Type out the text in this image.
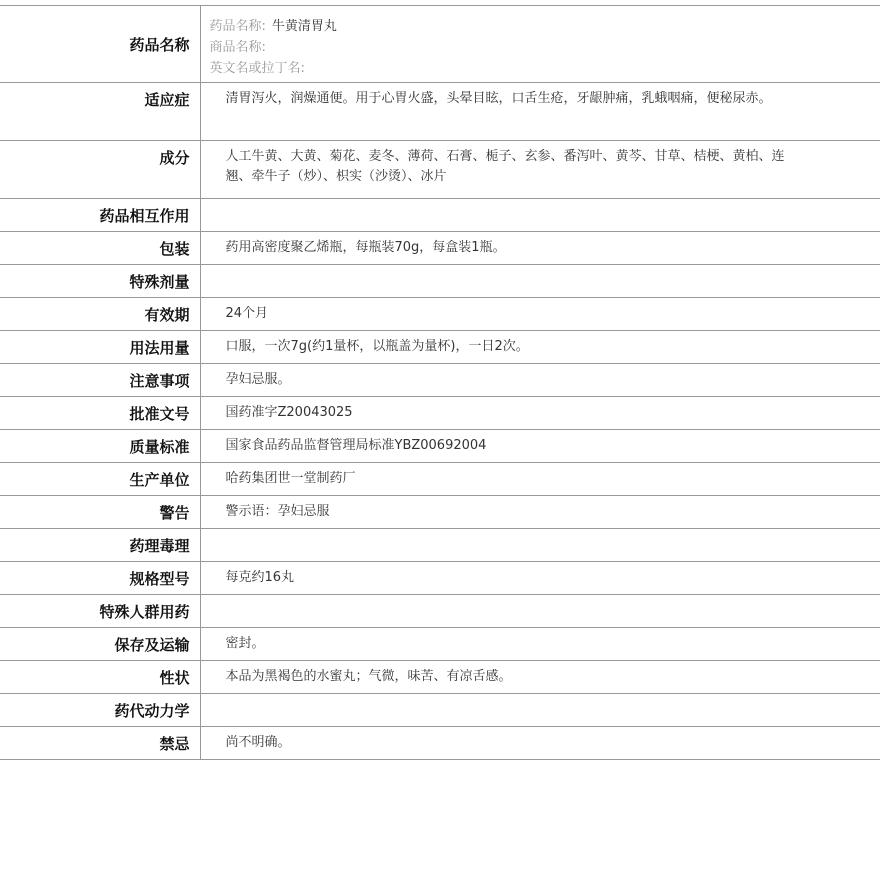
药品名称	药品名称: 牛黄清胃丸
商品名称:
英文名或拉丁名:

适应症	清胃泻火，润燥通便。用于心胃火盛，头晕目眩，口舌生疮，牙龈肿痛，乳蛾咽痛，便秘尿赤。
成分	人工牛黄、大黄、菊花、麦冬、薄荷、石膏、栀子、玄参、番泻叶、黄芩、甘草、桔梗、黄柏、连翘、牵牛子（炒）、枳实（沙烫）、冰片
药品相互作用	
包装	药用高密度聚乙烯瓶，每瓶装70g，每盒装1瓶。
特殊剂量	
有效期	24个月
用法用量	口服，一次7g(约1量杯，以瓶盖为量杯)，一日2次。
注意事项	孕妇忌服。
批准文号	国药准字Z20043025
质量标准	国家食品药品监督管理局标准YBZ00692004
生产单位	哈药集团世一堂制药厂
警告	警示语：孕妇忌服
药理毒理	
规格型号	每克约16丸
特殊人群用药	
保存及运输	密封。
性状	本品为黑褐色的水蜜丸；气微，味苦、有凉舌感。
药代动力学	
禁忌	尚不明确。
